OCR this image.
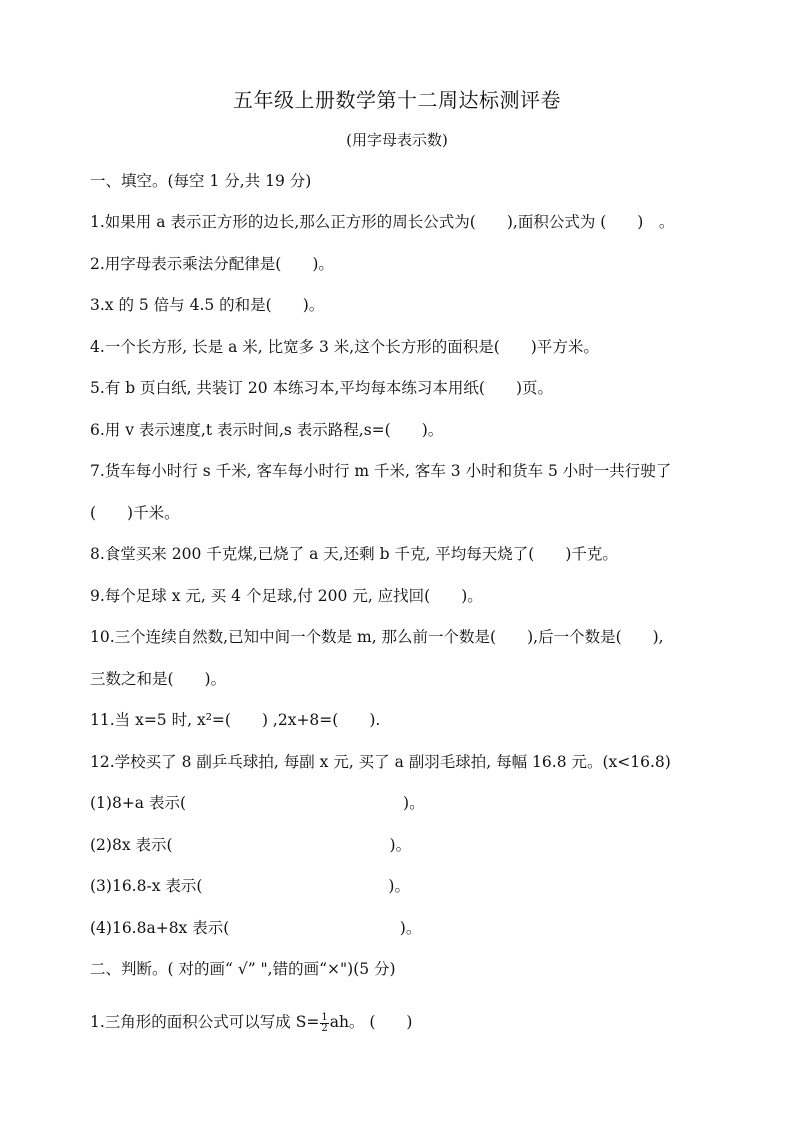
五年级上册数学第十二周达标测评卷
(用字母表示数)
一、填空。(每空 1 分,共 19 分)
1.如果用 a 表示正方形的边长,那么正方形的周长公式为(　　),面积公式为 (　　)　。
2.用字母表示乘法分配律是(　　)。
3.x 的 5 倍与 4.5 的和是(　　)。
4.一个长方形, 长是 a 米, 比宽多 3 米,这个长方形的面积是(　　)平方米。
5.有 b 页白纸, 共装订 20 本练习本,平均每本练习本用纸(　　)页。
6.用 v 表示速度,t 表示时间,s 表示路程,s=(　　)。
7.货车每小时行 s 千米, 客车每小时行 m 千米, 客车 3 小时和货车 5 小时一共行驶了
(　　)千米。
8.食堂买来 200 千克煤,已烧了 a 天,还剩 b 千克, 平均每天烧了(　　)千克。
9.每个足球 x 元, 买 4 个足球,付 200 元, 应找回(　　)。
10.三个连续自然数,已知中间一个数是 m, 那么前一个数是(　　),后一个数是(　　),
三数之和是(　　)。
11.当 x=5 时, x²=(　　) ,2x+8=(　　).
12.学校买了 8 副乒乓球拍, 每副 x 元, 买了 a 副羽毛球拍, 每幅 16.8 元。(x<16.8)
(1)8+a 表示(　　　　　　　　　　　　　　)。
(2)8x 表示(　　　　　　　　　　　　　　)。
(3)16.8-x 表示(　　　　　　　　　　　　)。
(4)16.8a+8x 表示(　　　　　　　　　　　)。
二、判断。( 对的画“ √” ",错的画“×")(5 分)
1.三角形的面积公式可以写成 $S= \frac{1}{2}$ ah。 (　　)
